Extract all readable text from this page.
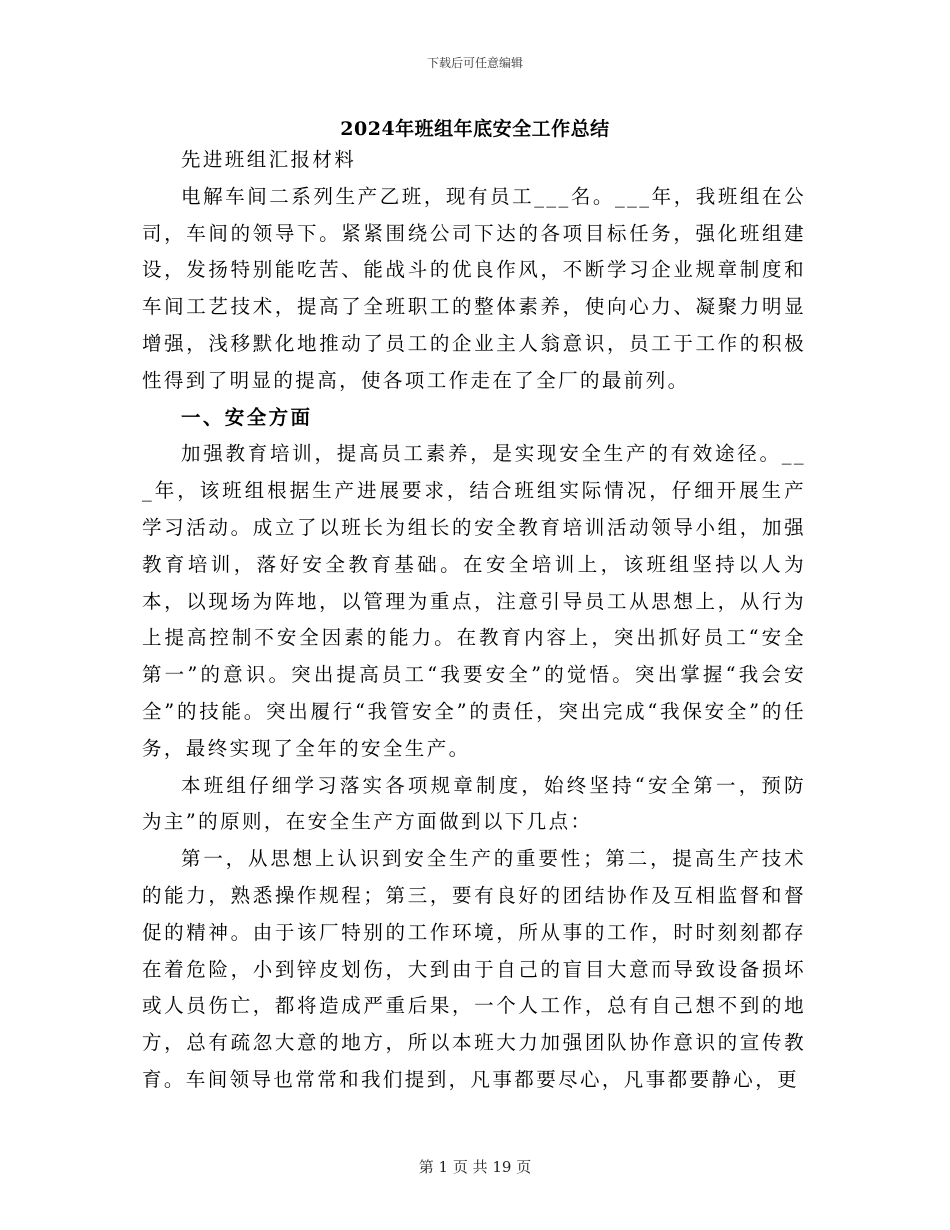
下载后可任意编辑
2024年班组年底安全工作总结

先进班组汇报材料

电解车间二系列生产乙班，现有员工___名。___年，我班组在公司，车间的领导下。紧紧围绕公司下达的各项目标任务，强化班组建设，发扬特别能吃苦、能战斗的优良作风，不断学习企业规章制度和车间工艺技术，提高了全班职工的整体素养，使向心力、凝聚力明显增强，浅移默化地推动了员工的企业主人翁意识，员工于工作的积极性得到了明显的提高，使各项工作走在了全厂的最前列。

一、安全方面

加强教育培训，提高员工素养，是实现安全生产的有效途径。___年，该班组根据生产进展要求，结合班组实际情况，仔细开展生产学习活动。成立了以班长为组长的安全教育培训活动领导小组，加强教育培训，落好安全教育基础。在安全培训上，该班组坚持以人为本，以现场为阵地，以管理为重点，注意引导员工从思想上，从行为上提高控制不安全因素的能力。在教育内容上，突出抓好员工“安全第一”的意识。突出提高员工“我要安全”的觉悟。突出掌握“我会安全”的技能。突出履行“我管安全”的责任，突出完成“我保安全”的任务，最终实现了全年的安全生产。

本班组仔细学习落实各项规章制度，始终坚持“安全第一，预防为主”的原则，在安全生产方面做到以下几点：

第一，从思想上认识到安全生产的重要性；第二，提高生产技术的能力，熟悉操作规程；第三，要有良好的团结协作及互相监督和督促的精神。由于该厂特别的工作环境，所从事的工作，时时刻刻都存在着危险，小到锌皮划伤，大到由于自己的盲目大意而导致设备损坏或人员伤亡，都将造成严重后果，一个人工作，总有自己想不到的地方，总有疏忽大意的地方，所以本班大力加强团队协作意识的宣传教育。车间领导也常常和我们提到，凡事都要尽心，凡事都要静心，更

第 1 页 共 19 页
